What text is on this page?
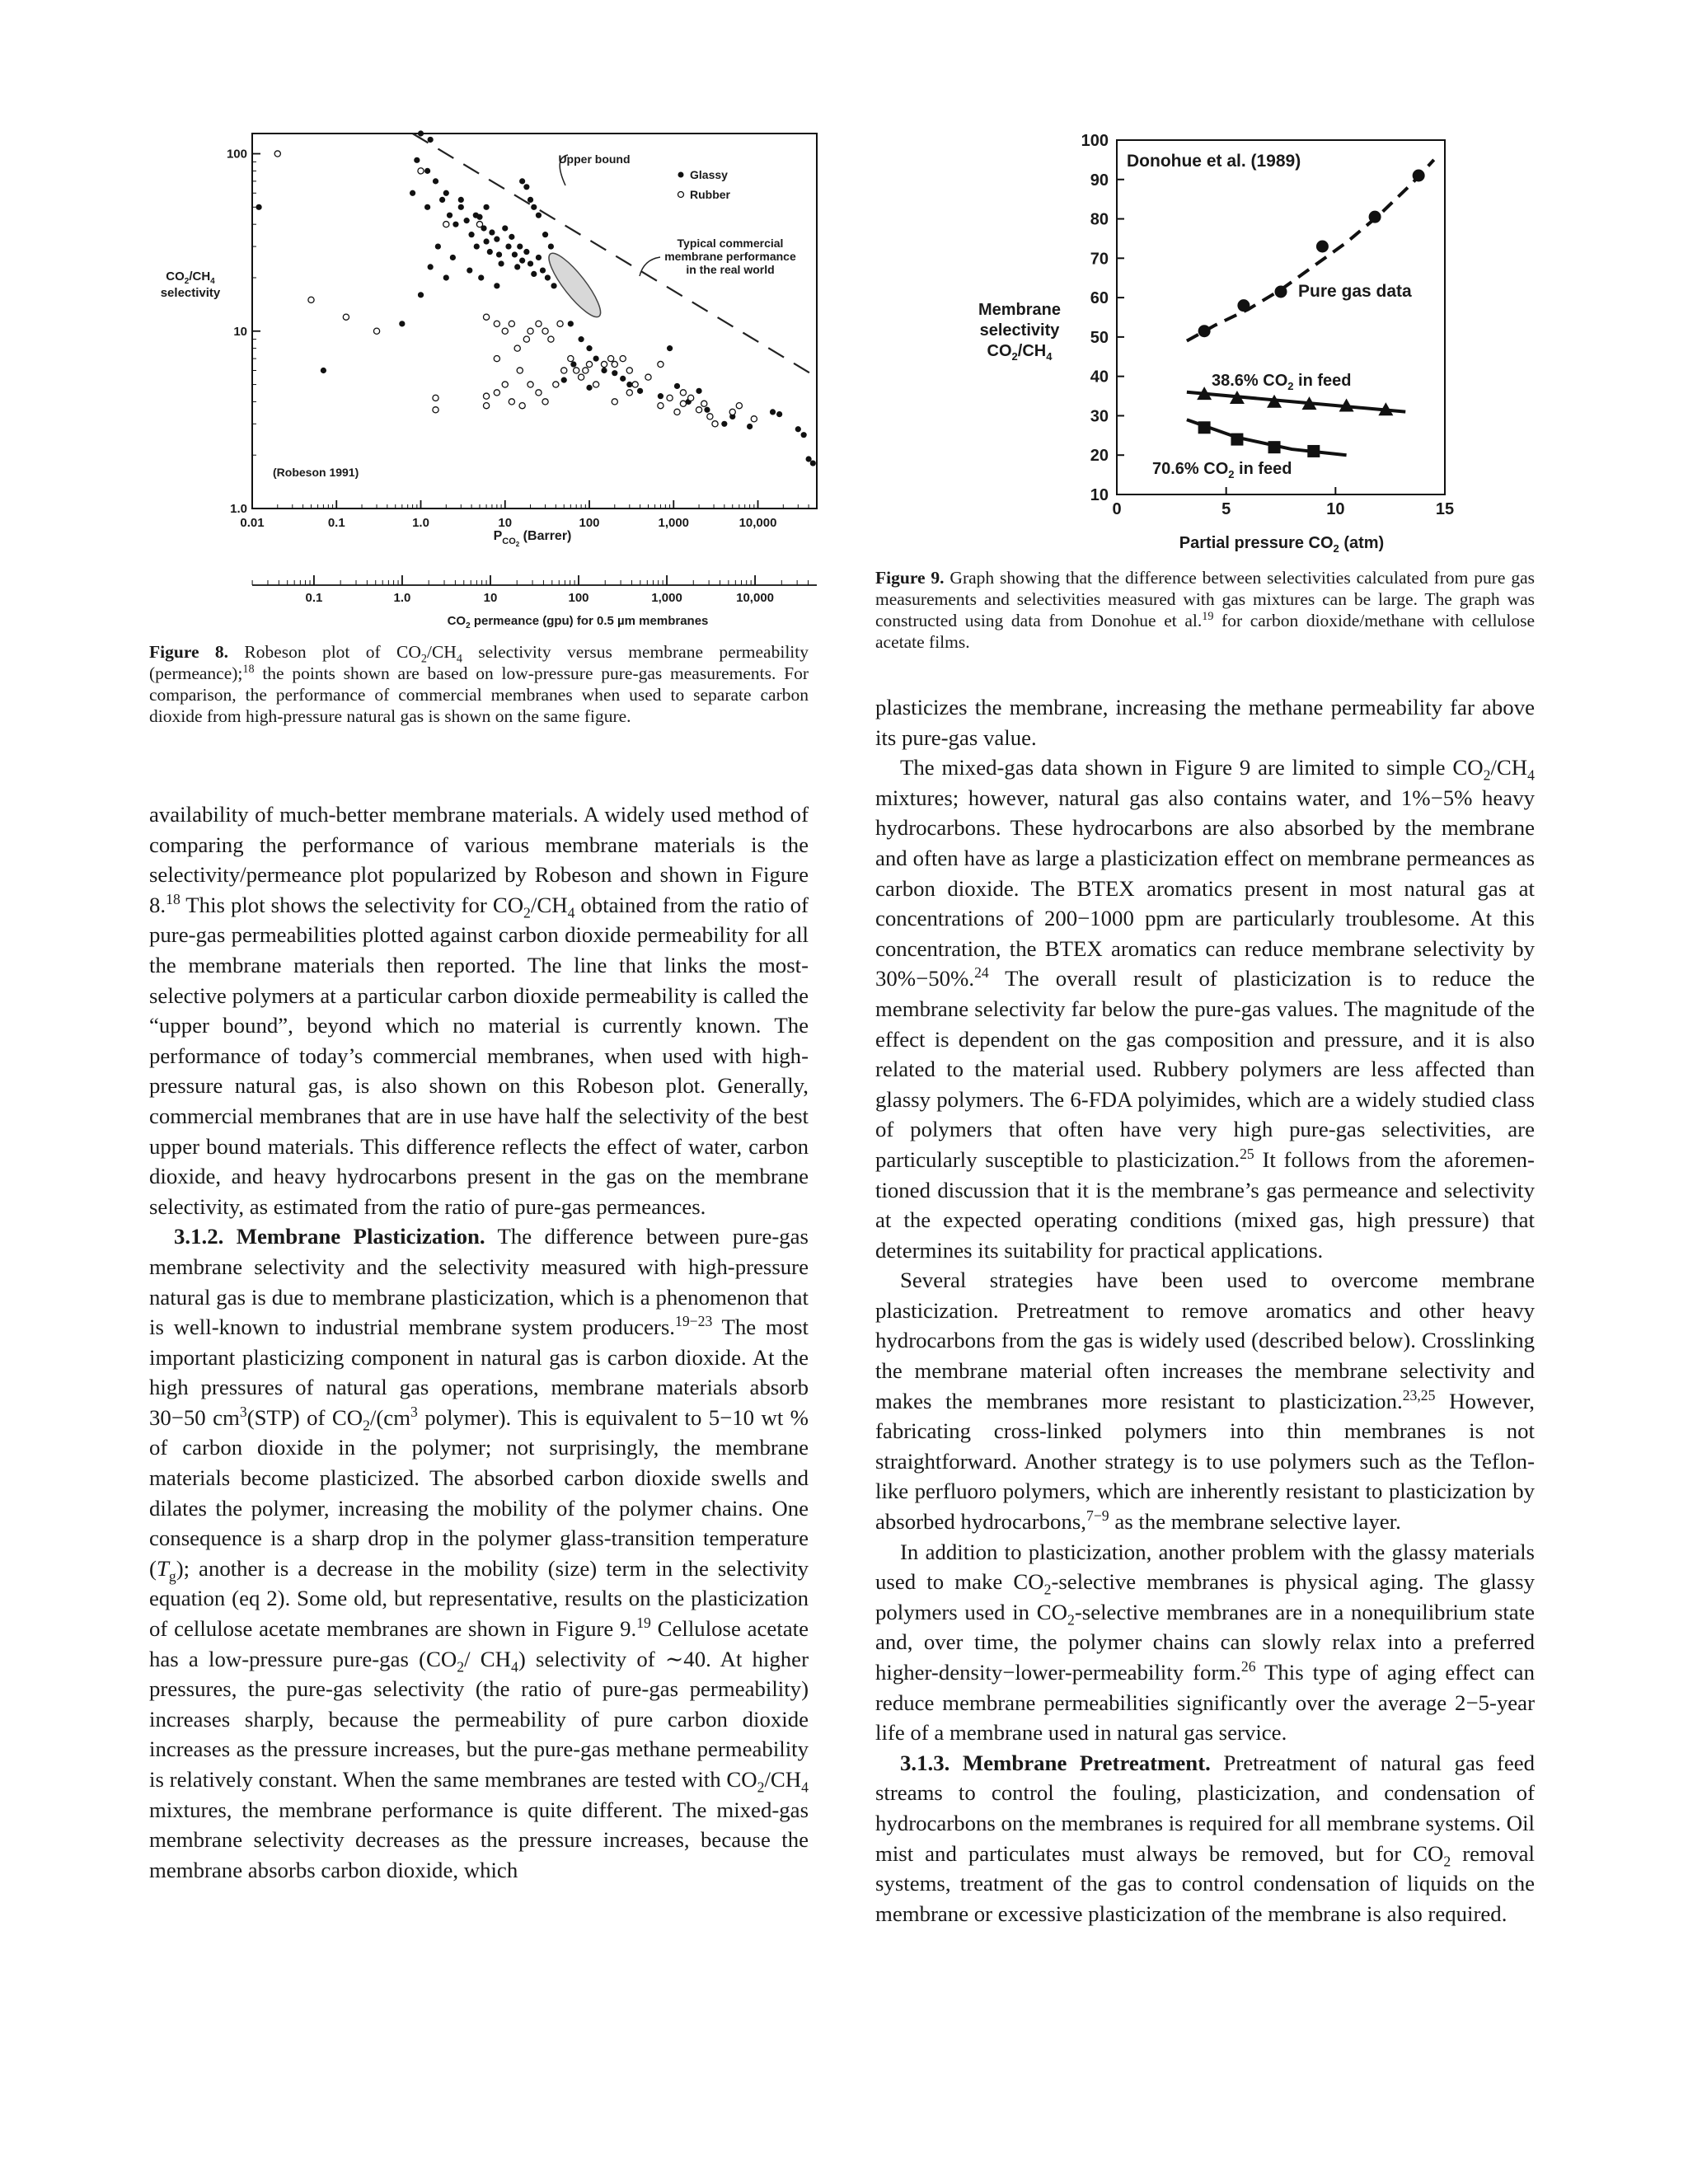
0.01	0.1	1.0	10	100	1,000	10,000
1.0
10
100	Upper bound
Typical commercial
membrane performance
in the real world
Glassy
Rubber
(Robeson 1991)
$CO_2/CH_4$
selectivity
$P_{CO}2$ (Barrer)
0.1	1.0	10	100	1,000	10,000
$CO_2$ permeance (gpu) for 0.5 µm membranes
Figure 8. Robeson plot of $CO_2/CH_4$ selectivity versus membrane permeability (permeance);$^{18}$ the points shown are based on low-pressure pure-gas measurements. For comparison, the performance of commercial membranes when used to separate carbon dioxide from high-pressure natural gas is shown on the same figure.
0	5	10	15
10
20
30
40
50
60
70
80
90
100
Donohue et al. (1989)
Pure gas data
38.6% $CO_2$ in feed
70.6% $CO_2$ in feed
Membrane
selectivity
$CO_2/CH_4$
Partial pressure $CO_2$ (atm)
Figure 9. Graph showing that the difference between selectivities calculated from pure gas measurements and selectivities measured with gas mixtures can be large. The graph was constructed using data from Donohue et al.$^{19}$ for carbon dioxide/methane with cellulose acetate films.

availability of much-better membrane materials. A widely used method of comparing the performance of various membrane materials is the selectivity/permeance plot popularized by Robeson and shown in Figure 8.18 This plot shows the selectivity for $CO_2/CH_4$ obtained from the ratio of pure-gas permeabilities plotted against carbon dioxide permeability for all the membrane materials then reported. The line that links the most-selective polymers at a particular carbon dioxide permeability is called the “upper bound”, beyond which no material is currently known. The performance of today’s commercial membranes, when used with high-pressure natural gas, is also shown on this Robeson plot. Generally, commercial membranes that are in use have half the selectivity of the best upper bound materials. This difference reflects the effect of water, carbon dioxide, and heavy hydrocarbons present in the gas on the membrane selectivity, as estimated from the ratio of pure-gas permeances.

3.1.2. Membrane Plasticization. The difference between pure-gas membrane selectivity and the selectivity measured with high-pressure natural gas is due to membrane plasticization, which is a phenomenon that is well-known to industrial membrane system producers.$^{19-23}$ The most important plasticizing component in natural gas is carbon dioxide. At the high pressures of natural gas operations, membrane materials absorb 30−50 $cm^3(STP)$ of $CO_2/(cm^3$ polymer). This is equivalent to 5−10 wt % of carbon dioxide in the polymer; not surprisingly, the membrane materials become plasticized. The absorbed carbon dioxide swells and dilates the polymer, increasing the mobility of the polymer chains. One consequence is a sharp drop in the polymer glass-transition temperature $(T_g)$; another is a decrease in the mobility (size) term in the selectivity equation (eq 2). Some old, but representative, results on the plasticization of cellulose acetate membranes are shown in Figure 9.19 Cellulose acetate has a low-pressure pure-gas ($CO_2/$ $CH_4$) selectivity of ∼40. At higher pressures, the pure-gas selectivity (the ratio of pure-gas permeability) increases sharply, because the permeability of pure carbon dioxide increases as the pressure increases, but the pure-gas methane permeability is relatively constant. When the same membranes are tested with $CO_2/CH_4$ mixtures, the membrane performance is quite different. The mixed-gas membrane selectivity decreases as the pressure increases, because the membrane absorbs carbon dioxide, which

plasticizes the membrane, increasing the methane permeability far above its pure-gas value.

The mixed-gas data shown in Figure 9 are limited to simple $CO_2/CH_4$ mixtures; however, natural gas also contains water, and 1%−5% heavy hydrocarbons. These hydrocarbons are also absorbed by the membrane and often have as large a plasticization effect on membrane permeances as carbon dioxide. The BTEX aromatics present in most natural gas at concentrations of 200−1000 ppm are particularly troublesome. At this concentration, the BTEX aromatics can reduce membrane selectivity by 30%−50%.$^{24}$ The overall result of plasticization is to reduce the membrane selectivity far below the pure-gas values. The magnitude of the effect is dependent on the gas composition and pressure, and it is also related to the material used. Rubbery polymers are less affected than glassy polymers. The 6-FDA polyimides, which are a widely studied class of polymers that often have very high pure-gas selectivities, are particularly susceptible to plasticization.$^{25}$ It follows from the aforementioned discussion that it is the membrane’s gas permeance and selectivity at the expected operating conditions (mixed gas, high pressure) that determines its suitability for practical applications.

Several strategies have been used to overcome membrane plasticization. Pretreatment to remove aromatics and other heavy hydrocarbons from the gas is widely used (described below). Crosslinking the membrane material often increases the membrane selectivity and makes the membranes more resistant to plasticization.$^{23,25}$ However, fabricating cross-linked polymers into thin membranes is not straightforward. Another strategy is to use polymers such as the Teflon-like perfluoro polymers, which are inherently resistant to plasticization by absorbed hydrocarbons,$^{7-9}$ as the membrane selective layer.

In addition to plasticization, another problem with the glassy materials used to make $CO_2$-selective membranes is physical aging. The glassy polymers used in $CO_2$-selective membranes are in a nonequilibrium state and, over time, the polymer chains can slowly relax into a preferred higher-density−lower-permeability form.$^{26}$ This type of aging effect can reduce membrane permeabilities significantly over the average 2−5-year life of a membrane used in natural gas service.

3.1.3. Membrane Pretreatment. Pretreatment of natural gas feed streams to control the fouling, plasticization, and condensation of hydrocarbons on the membranes is required for all membrane systems. Oil mist and particulates must always be removed, but for $CO_2$ removal systems, treatment of the gas to control condensation of liquids on the membrane or excessive plasticization of the membrane is also required.
